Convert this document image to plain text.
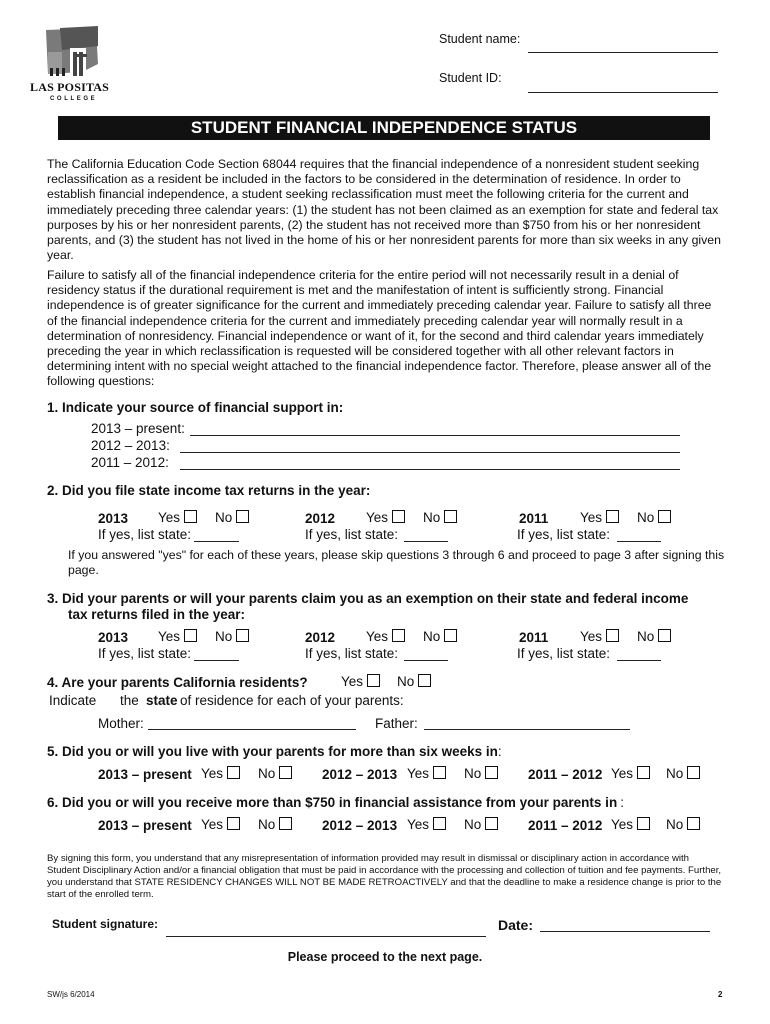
LAS POSITAS
COLLEGE
Student name:
Student ID:
STUDENT FINANCIAL INDEPENDENCE STATUS
The California Education Code Section 68044 requires that the financial independence of a nonresident student seeking reclassification as a resident be included in the factors to be considered in the determination of residence. In order to establish financial independence, a student seeking reclassification must meet the following criteria for the current and immediately preceding three calendar years: (1) the student has not been claimed as an exemption for state and federal tax purposes by his or her nonresident parents, (2) the student has not received more than $750 from his or her nonresident parents, and (3) the student has not lived in the home of his or her nonresident parents for more than six weeks in any given year.
Failure to satisfy all of the financial independence criteria for the entire period will not necessarily result in a denial of residency status if the durational requirement is met and the manifestation of intent is sufficiently strong. Financial independence is of greater significance for the current and immediately preceding calendar year. Failure to satisfy all three of the financial independence criteria for the current and immediately preceding calendar year will normally result in a determination of nonresidency. Financial independence or want of it, for the second and third calendar years immediately preceding the year in which reclassification is requested will be considered together with all other relevant factors in determining intent with no special weight attached to the financial independence factor. Therefore, please answer all of the following questions:
1. Indicate your source of financial support in:
2013 – present:
2012 – 2013:
2011 – 2012:
2. Did you file state income tax returns in the year:
2013 Yes	No
If yes, list state:
2012 Yes	No
If yes, list state:
2011 Yes	No
If yes, list state:
If you answered "yes" for each of these years, please skip questions 3 through 6 and proceed to page 3 after signing this page.
3. Did your parents or will your parents claim you as an exemption on their state and federal income
tax returns filed in the year:
2013 Yes	No
If yes, list state:
2012 Yes	No
If yes, list state:
2011 Yes	No
If yes, list state:
4. Are your parents California residents? Yes	No
Indicate the state of residence for each of your parents:
Mother:	Father:
5. Did you or will you live with your parents for more than six weeks in:
2013 – present Yes	No	2012 – 2013 Yes	No	2011 – 2012 Yes	No
6. Did you or will you receive more than $750 in financial assistance from your parents in :
2013 – present Yes	No	2012 – 2013 Yes	No	2011 – 2012 Yes	No
By signing this form, you understand that any misrepresentation of information provided may result in dismissal or disciplinary action in accordance with Student Disciplinary Action and/or a financial obligation that must be paid in accordance with the processing and collection of tuition and fee payments. Further, you understand that STATE RESIDENCY CHANGES WILL NOT BE MADE RETROACTIVELY and that the deadline to make a residence change is prior to the start of the enrolled term.
Student signature:	Date:
Please proceed to the next page.
SW/js 6/2014	2
